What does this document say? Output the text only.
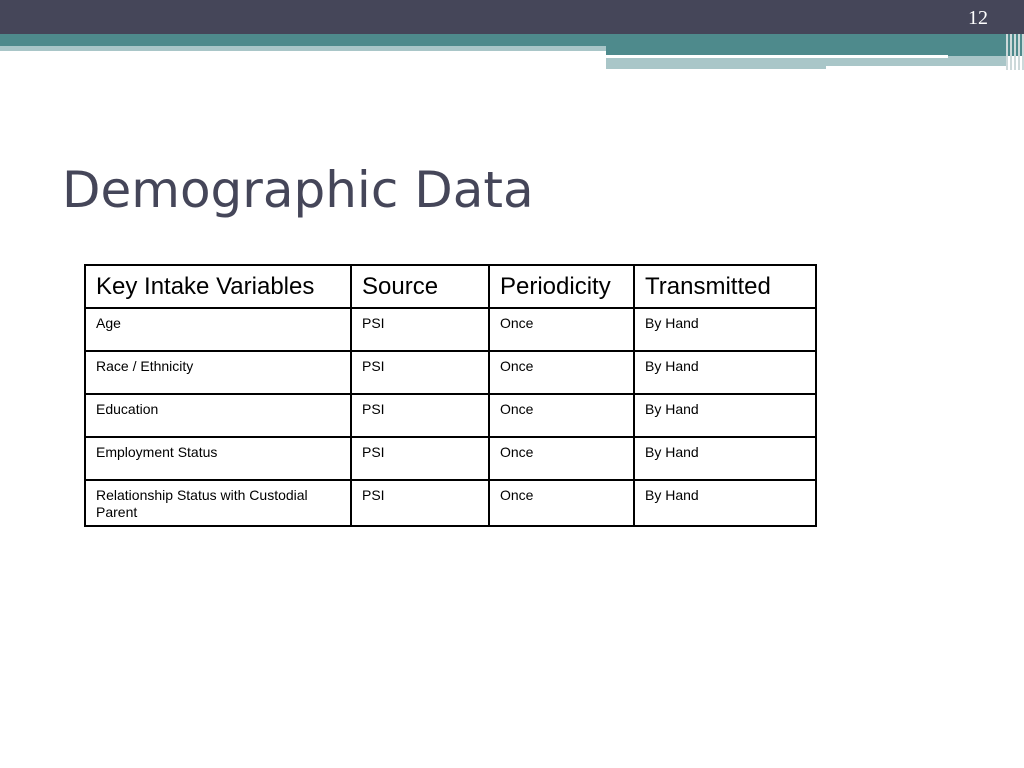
12
Demographic Data
Key Intake Variables	Source	Periodicity	Transmitted
Age	PSI	Once	By Hand
Race / Ethnicity	PSI	Once	By Hand
Education	PSI	Once	By Hand
Employment Status	PSI	Once	By Hand
Relationship Status with Custodial Parent	PSI	Once	By Hand
